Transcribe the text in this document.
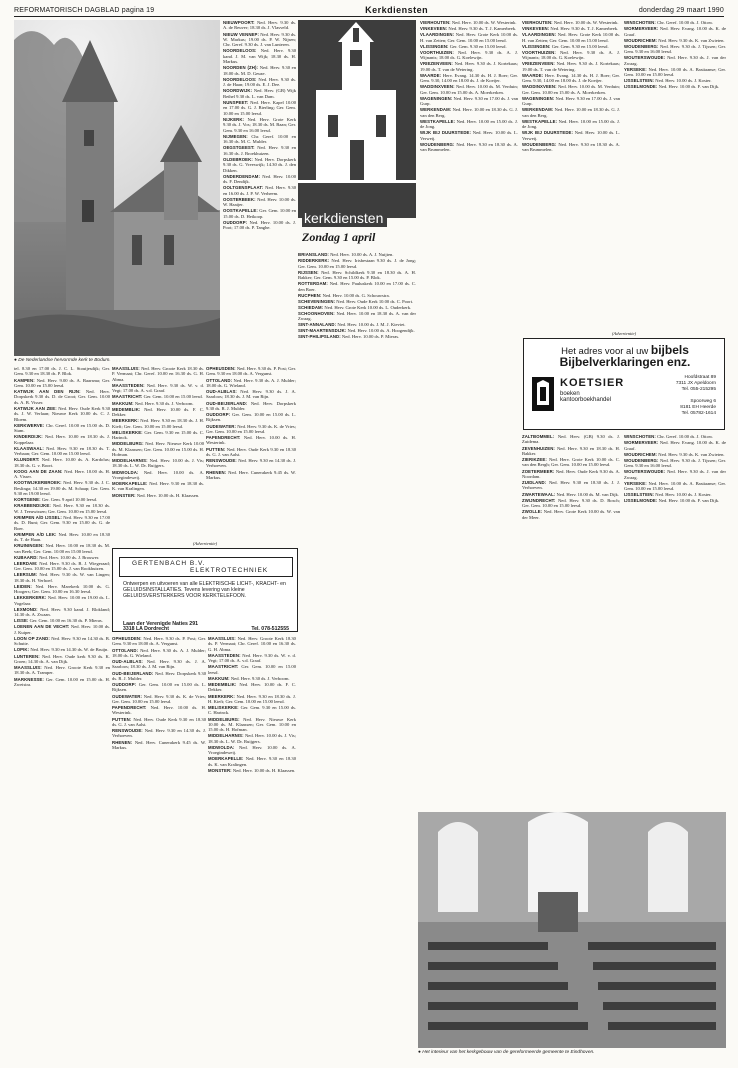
REFORMATORISCH DAGBLAD pagina 19	Kerkdiensten	donderdag 29 maart 1990
● De Nederlandse hervormde kerk te Bodum.

tel. 8.30 en 17.00 ds. J. C. L. Stoutjesdijk; Ger. Gem. 9.30 en 18.30 ds. P. Blok.

KAMPEN: Ned. Herv. 9.00 ds. A. Baarsma; Ger. Gem. 10.00 en 15.00 leesd.

KATWIJK AAN DEN RIJN: Ned. Herv. Dorpskerk 9.30 ds. D. de Groot; Ger. Gem. 10.00 ds. A. B. Visser.

KATWIJK AAN ZEE: Ned. Herv. Oude Kerk 9.30 ds. J. W. Verlaan; Nieuwe Kerk 10.00 ds. C. J. Bloem.

KERKWERVE: Chr. Geref. 10.00 en 15.00 ds. D. Stam.

KINDERDIJK: Ned. Herv. 10.00 en 18.30 ds. J. Koppelaar.

KLAASWAAL: Ned. Herv. 9.30 en 18.30 ds. T. Verbaan; Ger. Gem. 10.00 en 15.00 leesd.

KLUNDERT: Ned. Herv. 10.00 ds. A. Kardolus; 18.30 ds. G. v. Boort.

KOOG AAN DE ZAAN: Ned. Herv. 10.00 ds. H. A. Visser.

KOOTWIJKERBROEK: Ned. Herv. 9.30 ds. J. C. Beslinga; 14.30 en 19.00 ds. M. Schaap; Ger. Gem. 9.30 en 19.00 leesd.

KORTGENE: Ger. Gem. 9 april 10.00 leesd.

KRABBENDIJKE: Ned. Herv. 9.30 en 18.30 ds. W. J. Teeuwissen; Ger. Gem. 10.00 en 15.00 leesd.

KRIMPEN A/D IJSSEL: Ned. Herv. 9.30 en 17.00 ds. D. Bunt; Ger. Gem. 9.30 en 15.00 ds. G. de Boer.

KRIMPEN A/D LEK: Ned. Herv. 10.00 en 18.30 ds. T. de Haan.

KRUININGEN: Ned. Herv. 10.00 en 18.30 ds. M. van Beek; Ger. Gem. 10.00 en 15.00 leesd.

KUBAARD: Ned. Herv. 10.00 ds. J. Brouwer.

LEERDAM: Ned. Herv. 9.30 ds. B. J. Wiegeraad; Ger. Gem. 10.00 en 15.00 ds. J. van Rookhuizen.

LEERSUM: Ned. Herv. 9.30 ds. W. van Lingen; 18.30 ds. H. Verhoef.

LEIDEN: Ned. Herv. Marekerk 10.00 ds. G. Hoogers; Ger. Gem. 10.00 en 16.30 leesd.

LEKKERKERK: Ned. Herv. 10.00 en 19.00 ds. L. Vogelaar.

LEXMOND: Ned. Herv. 9.30 kand. J. Blokland; 14.30 ds. A. Zwaan.

LISSE: Ger. Gem. 10.00 en 16.30 ds. P. Mieras.

LOENEN AAN DE VECHT: Ned. Herv. 10.00 ds. J. Kuiper.

LOON OP ZAND: Ned. Herv. 9.30 en 14.30 ds. B. Schutte.

LOPIK: Ned. Herv. 9.30 en 14.30 ds. W. de Bruijn.

LUNTEREN: Ned. Herv. Oude kerk 9.30 ds. K. Groen; 14.30 ds. A. van Dijk.

MAASSLUIS: Ned. Herv. Groote Kerk 9.30 en 18.30 ds. A. Tramper.

MARKNESSE: Ger. Gem. 10.00 en 15.00 ds. H. Zweistra.

NIEUWPOORT: Ned. Herv. 9.30 ds. A. de Reuver; 18.30 ds. J. Vlasveld.

NIEUW VENNEP: Ned. Herv. 9.30 ds. W. Markus; 19.00 ds. P. W. Nijsen; Chr. Geref. 9.30 ds. J. van Lunteren.

NOORDELOOS: Ned. Herv. 9.30 kand. J. M. van Wijk; 18.30 ds. H. Markus.

NOORDEN (ZH): Ned. Herv. 9.30 en 18.00 ds. M. D. Geuze.

NOORDELOOS: Ned. Herv. 9.30 ds. J. de Haan; 19.00 ds. E. J. Dee.

NOORDWIJK: Ned. Herv. (GB) Wijk Bethel 9.30 ds. L. van Dam.

NUNSPEET: Ned. Herv. Kapel 10.00 en 17.00 ds. G. J. Bierling; Ger. Gem. 10.00 en 15.00 leesd.

NIJKERK: Ned. Herv. Grote Kerk 9.30 ds. J. Vos; 18.30 ds. M. Baan; Ger. Gem. 9.30 en 16.00 leesd.

NIJMEGEN: Chr. Geref. 10.00 en 16.30 ds. M. C. Mulder.

OEGSTGEEST: Ned. Herv. 9.30 en 16.30 ds. J. Broekhuizen.

OLDEBROEK: Ned. Herv. Dorpskerk 9.30 ds. G. Vreeswijk; 14.30 ds. J. den Dikken.

ONDERDENDAM: Ned. Herv. 10.00 ds. F. Dendijk.

OOLTGENSPLAAT: Ned. Herv. 9.30 en 16.00 ds. J. P. W. Verheem.

OOSTERBEEK: Ned. Herv. 10.00 ds. W. Haaijer.

OOSTKAPELLE: Ger. Gem. 10.00 en 15.00 ds. D. Heikoop.

OUDDORP: Ned. Herv. 10.00 ds. J. Poot; 17.00 ds. P. Tanghe.

MAASSLUIS: Ned. Herv. Groote Kerk 18.30 ds. P. Vermaat; Chr. Geref. 10.00 en 16.30 ds. G. H. Abma.

MAASSTEDEN: Ned. Herv. 9.30 ds. W. v. d. Vegt; 17.00 ds. A. v.d. Graaf.

MAASTRICHT: Ger. Gem. 10.00 en 15.00 leesd.

MAKKUM: Ned. Herv. 9.30 ds. J. Verboom.

MEDEMBLIK: Ned. Herv. 10.00 ds. F. C. Dekker.

MEERKERK: Ned. Herv. 9.30 en 18.30 ds. J. H. Kieft; Ger. Gem. 10.00 en 15.00 leesd.

MELISKERKE: Ger. Gem. 9.30 en 15.00 ds. C. Harinck.

MIDDELBURG: Ned. Herv. Nieuwe Kerk 10.00 ds. M. Klaassen; Ger. Gem. 10.00 en 15.00 ds. H. Hofman.

MIDDELHARNIS: Ned. Herv. 10.00 ds. J. Vis; 18.30 ds. L. W. Dr. Ruijgers.

MIDWOLDA: Ned. Herv. 10.00 ds. A. Vroegindeweij.

MOERKAPELLE: Ned. Herv. 9.30 en 18.30 ds. K. van Kralingen.

MONSTER: Ned. Herv. 10.00 ds. H. Klaassen.

OPHEUSDEN: Ned. Herv. 9.30 ds. P. Post; Ger. Gem. 9.30 en 18.00 ds. A. Vergunst.

OTTOLAND: Ned. Herv. 9.30 ds. A. J. Mulder; 18.00 ds. G. Wieland.

OUD-ALBLAS: Ned. Herv. 9.30 ds. J. A. Saarloos; 18.30 ds. J. M. van Rijn.

OUD-BEIJERLAND: Ned. Herv. Dorpskerk 9.30 ds. R. J. Mulder.

OUDDORP: Ger. Gem. 10.00 en 15.00 ds. L. Rijksen.

OUDEWATER: Ned. Herv. 9.30 ds. K. de Vries; Ger. Gem. 10.00 en 15.00 leesd.

PAPENDRECHT: Ned. Herv. 10.00 ds. H. Westerink.

PUTTEN: Ned. Herv. Oude Kerk 9.30 en 18.30 ds. G. J. van Aalst.

RENSWOUDE: Ned. Herv. 9.30 en 14.30 ds. J. Verhoeven.

RHENEN: Ned. Herv. Cunerakerk 9.45 ds. W. Markus.

(Advertentie)
GERTENBACH B.V.
ELEKTROTECHNIEK
Ontwerpen en uitvoeren van alle ELEKTRISCHE LICHT-, KRACHT- en GELUIDSINSTALLATIES. Tevens levering van kleine GELUIDSVERSTERKERS VOOR KERKTELEFOON.
Laan der Verenigde Naties 291
3318 LA Dordrecht	Tel. 078-512555

OPHEUSDEN: Ned. Herv. 9.30 ds. P. Post; Ger. Gem. 9.30 en 18.00 ds. A. Vergunst.

OTTOLAND: Ned. Herv. 9.30 ds. A. J. Mulder; 18.00 ds. G. Wieland.

OUD-ALBLAS: Ned. Herv. 9.30 ds. J. A. Saarloos; 18.30 ds. J. M. van Rijn.

OUD-BEIJERLAND: Ned. Herv. Dorpskerk 9.30 ds. R. J. Mulder.

OUDDORP: Ger. Gem. 10.00 en 15.00 ds. L. Rijksen.

OUDEWATER: Ned. Herv. 9.30 ds. K. de Vries; Ger. Gem. 10.00 en 15.00 leesd.

PAPENDRECHT: Ned. Herv. 10.00 ds. H. Westerink.

PUTTEN: Ned. Herv. Oude Kerk 9.30 en 18.30 ds. G. J. van Aalst.

RENSWOUDE: Ned. Herv. 9.30 en 14.30 ds. J. Verhoeven.

RHENEN: Ned. Herv. Cunerakerk 9.45 ds. W. Markus.

MAASSLUIS: Ned. Herv. Groote Kerk 18.30 ds. P. Vermaat; Chr. Geref. 10.00 en 16.30 ds. G. H. Abma.

MAASSTEDEN: Ned. Herv. 9.30 ds. W. v. d. Vegt; 17.00 ds. A. v.d. Graaf.

MAASTRICHT: Ger. Gem. 10.00 en 15.00 leesd.

MAKKUM: Ned. Herv. 9.30 ds. J. Verboom.

MEDEMBLIK: Ned. Herv. 10.00 ds. F. C. Dekker.

MEERKERK: Ned. Herv. 9.30 en 18.30 ds. J. H. Kieft; Ger. Gem. 10.00 en 15.00 leesd.

MELISKERKE: Ger. Gem. 9.30 en 15.00 ds. C. Harinck.

MIDDELBURG: Ned. Herv. Nieuwe Kerk 10.00 ds. M. Klaassen; Ger. Gem. 10.00 en 15.00 ds. H. Hofman.

MIDDELHARNIS: Ned. Herv. 10.00 ds. J. Vis; 18.30 ds. L. W. Dr. Ruijgers.

MIDWOLDA: Ned. Herv. 10.00 ds. A. Vroegindeweij.

MOERKAPELLE: Ned. Herv. 9.30 en 18.30 ds. K. van Kralingen.

MONSTER: Ned. Herv. 10.00 ds. H. Klaassen.

kerkdiensten
Zondag 1 april

BRIANSLAND: Ned. Herv. 10.00 ds. A. J. Nuijten.

RIDDERKERK: Ned. Herv. Irisbestaan 9.30 ds. J. de Jong; Ger. Gem. 10.00 en 15.00 leesd.

RIJSSEN: Ned. Herv. Schildkerk 9.30 en 18.30 ds. A. H. Bakker; Ger. Gem. 9.30 en 15.00 ds. P. Blok.

ROTTERDAM: Ned. Herv. Pauluskerk 10.00 en 17.00 ds. C. den Boer.

RUCPHEN: Ned. Herv. 10.00 ds. G. Schouwstra.

SCHEVENINGEN: Ned. Herv. Oude Kerk 10.00 ds. C. Poort.

SCHIEDAM: Ned. Herv. Grote Kerk 10.00 ds. L. Ouderkerk.

SCHOONHOVEN: Ned. Herv. 10.00 en 18.30 ds. A. van der Zwaag.

SINT-ANNALAND: Ned. Herv. 10.00 ds. J. M. J. Kieviet.

SINT-MAARTENSDIJK: Ned. Herv. 10.00 ds. A. Hoogendijk.

SINT-PHILIPSLAND: Ned. Herv. 10.00 ds. P. Mieras.

VIERHOUTEN: Ned. Herv. 10.00 ds. W. Westerink.

VINKEVEEN: Ned. Herv. 9.30 ds. T. J. Kamerbeek.

VLAARDINGEN: Ned. Herv. Grote Kerk 10.00 ds. H. van Zetten; Ger. Gem. 10.00 en 15.00 leesd.

VLISSINGEN: Ger. Gem. 9.30 en 15.00 leesd.

VOORTHUIZEN: Ned. Herv. 9.30 ds. A. J. Wijnants; 18.00 ds. G. Koelewijn.

VRIEZENVEEN: Ned. Herv. 9.30 ds. J. Kortekaas; 19.00 ds. T. van de Wetering.

WAARDE: Herv. Evang. 14.30 ds. H. J. Boer; Ger. Gem. 9.30, 14.00 en 18.00 ds. J. de Koeijer.

WADDINXVEEN: Ned. Herv. 10.00 ds. M. Verduin; Ger. Gem. 10.00 en 15.00 ds. A. Moerkerken.

WAGENINGEN: Ned. Herv. 9.30 en 17.00 ds. J. van Gurp.

WERKENDAM: Ned. Herv. 10.00 en 18.30 ds. G. J. van den Berg.

WESTKAPELLE: Ned. Herv. 10.00 en 15.00 ds. J. de Jong.

WIJK BIJ DUURSTEDE: Ned. Herv. 10.00 ds. L. Verweij.

WOUDENBERG: Ned. Herv. 9.30 en 18.30 ds. A. van Brummelen.

VIERHOUTEN: Ned. Herv. 10.00 ds. W. Westerink.

VINKEVEEN: Ned. Herv. 9.30 ds. T. J. Kamerbeek.

VLAARDINGEN: Ned. Herv. Grote Kerk 10.00 ds. H. van Zetten; Ger. Gem. 10.00 en 15.00 leesd.

VLISSINGEN: Ger. Gem. 9.30 en 15.00 leesd.

VOORTHUIZEN: Ned. Herv. 9.30 ds. A. J. Wijnants; 18.00 ds. G. Koelewijn.

VRIEZENVEEN: Ned. Herv. 9.30 ds. J. Kortekaas; 19.00 ds. T. van de Wetering.

WAARDE: Herv. Evang. 14.30 ds. H. J. Boer; Ger. Gem. 9.30, 14.00 en 18.00 ds. J. de Koeijer.

WADDINXVEEN: Ned. Herv. 10.00 ds. M. Verduin; Ger. Gem. 10.00 en 15.00 ds. A. Moerkerken.

WAGENINGEN: Ned. Herv. 9.30 en 17.00 ds. J. van Gurp.

WERKENDAM: Ned. Herv. 10.00 en 18.30 ds. G. J. van den Berg.

WESTKAPELLE: Ned. Herv. 10.00 en 15.00 ds. J. de Jong.

WIJK BIJ DUURSTEDE: Ned. Herv. 10.00 ds. L. Verweij.

WOUDENBERG: Ned. Herv. 9.30 en 18.30 ds. A. van Brummelen.

WINSCHOTEN: Chr. Geref. 10.00 ds. J. Ottow.

WORMERVEER: Ned. Herv. Evang. 10.00 ds. K. de Graaf.

WOUDRICHEM: Ned. Herv. 9.30 ds. K. van Zwieten.

WOUDENBERG: Ned. Herv. 9.30 ds. J. Tijssen; Ger. Gem. 9.30 en 16.00 leesd.

WOUTERSWOUDE: Ned. Herv. 9.30 ds. J. van der Zwaag.

YERSEKE: Ned. Herv. 10.00 ds. A. Bastiaanse; Ger. Gem. 10.00 en 15.00 leesd.

IJSSELSTEIN: Ned. Herv. 10.00 ds. J. Koster.

IJSSELMONDE: Ned. Herv. 10.00 ds. F. van Dijk.

(Advertentie)
Het adres voor al uw bijbels
Bijbelverklaringen enz.
KOETSIER
boeken
kantoorboekhandel
Hoofdstraat 89
7311 JX Apeldoorn
Tel. 055-215295

Spoorweg 6
8181 EH Heerde
Tel. 05782-1614

ZALTBOMMEL: Ned. Herv. (GB) 9.30 ds. J. Zuidema.

ZEVENHUIZEN: Ned. Herv. 9.30 en 18.30 ds. H. Bakker.

ZIERIKZEE: Ned. Herv. Grote Kerk 10.00 ds. C. van den Bergh; Ger. Gem. 10.00 en 15.00 leesd.

ZOETERMEER: Ned. Herv. Oude Kerk 9.30 ds. A. Noordam.

ZUIDLAND: Ned. Herv. 9.30 en 18.30 ds. J. J. Verhoeven.

ZWARTEWAAL: Ned. Herv. 10.00 ds. M. van Dijk.

ZWIJNDRECHT: Ned. Herv. 9.30 ds. D. Bosch; Ger. Gem. 10.00 en 15.00 leesd.

ZWOLLE: Ned. Herv. Grote Kerk 10.00 ds. W. van der Meer.

WINSCHOTEN: Chr. Geref. 10.00 ds. J. Ottow.

WORMERVEER: Ned. Herv. Evang. 10.00 ds. K. de Graaf.

WOUDRICHEM: Ned. Herv. 9.30 ds. K. van Zwieten.

WOUDENBERG: Ned. Herv. 9.30 ds. J. Tijssen; Ger. Gem. 9.30 en 16.00 leesd.

WOUTERSWOUDE: Ned. Herv. 9.30 ds. J. van der Zwaag.

YERSEKE: Ned. Herv. 10.00 ds. A. Bastiaanse; Ger. Gem. 10.00 en 15.00 leesd.

IJSSELSTEIN: Ned. Herv. 10.00 ds. J. Koster.

IJSSELMONDE: Ned. Herv. 10.00 ds. F. van Dijk.

● Het interieur van het kerkgebouw van de gereformeerde gemeente te Eindhoven.
